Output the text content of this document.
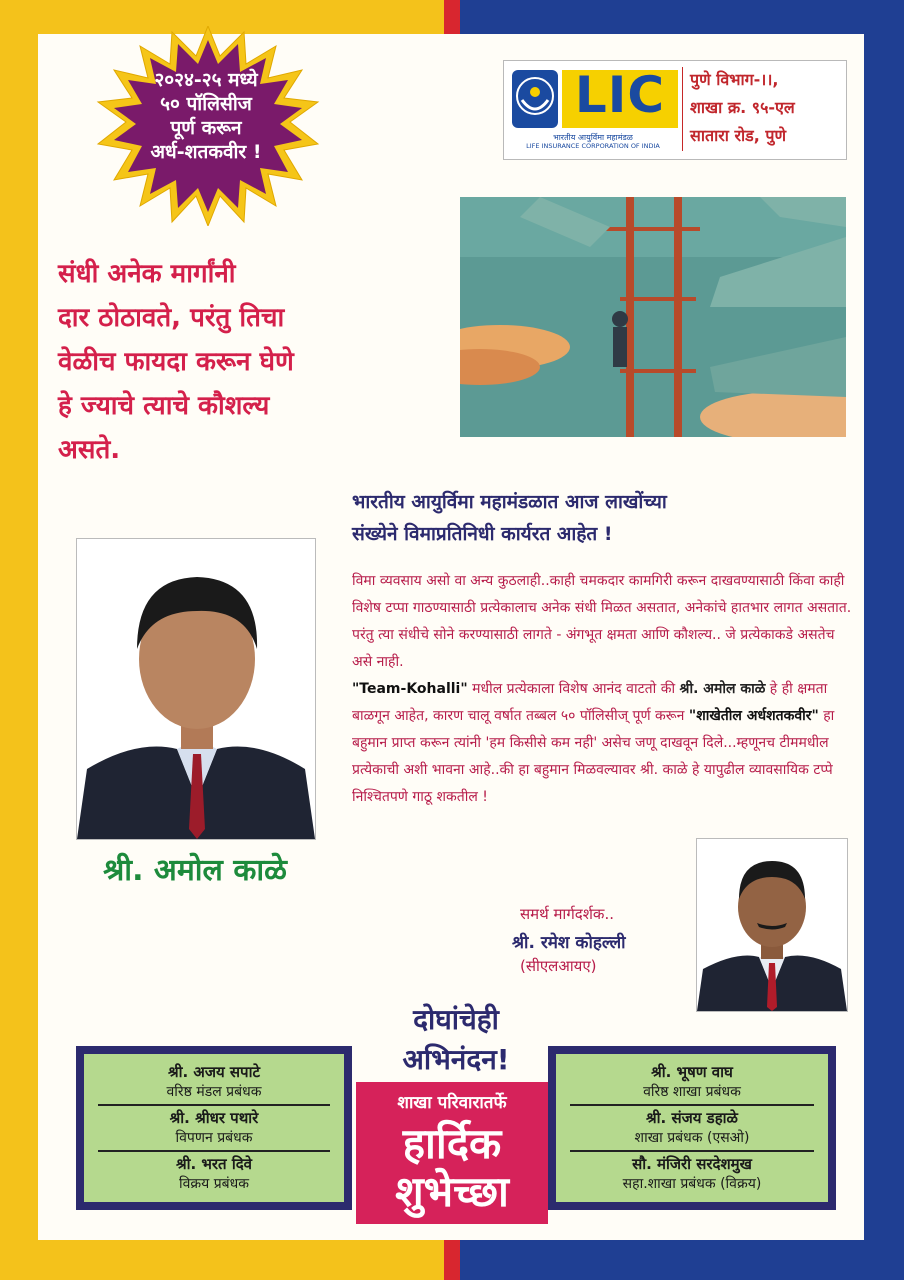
२०२४-२५ मध्ये
५० पॉलिसीज
पूर्ण करून
अर्ध-शतकवीर !
LIC
भारतीय आयुर्विमा महामंडळ
LIFE INSURANCE CORPORATION OF INDIA
पुणे विभाग-।।,
शाखा क्र. ९५-एल
सातारा रोड, पुणे
संधी अनेक मार्गांनी
दार ठोठावते, परंतु तिचा
वेळीच फायदा करून घेणे
हे ज्याचे त्याचे कौशल्य
असते.
भारतीय आयुर्विमा महामंडळात आज लाखोंच्या
संख्येने विमाप्रतिनिधी कार्यरत आहेत !
विमा व्यवसाय असो वा अन्य कुठलाही..काही चमकदार कामगिरी करून दाखवण्यासाठी किंवा काही विशेष टप्पा गाठण्यासाठी प्रत्येकालाच अनेक संधी मिळत असतात, अनेकांचे हातभार लागत असतात. परंतु त्या संधीचे सोने करण्यासाठी लागते - अंगभूत क्षमता आणि कौशल्य.. जे प्रत्येकाकडे असतेच असे नाही.
"Team-Kohalli" मधील प्रत्येकाला विशेष आनंद वाटतो की श्री. अमोल काळे हे ही क्षमता बाळगून आहेत, कारण चालू वर्षात तब्बल ५० पॉलिसीज् पूर्ण करून "शाखेतील अर्धशतकवीर" हा बहुमान प्राप्त करून त्यांनी 'हम किसीसे कम नही' असेच जणू दाखवून दिले...म्हणूनच टीममधील प्रत्येकाची अशी भावना आहे..की हा बहुमान मिळवल्यावर श्री. काळे हे यापुढील व्यावसायिक टप्पे निश्चितपणे गाठू शकतील !
श्री. अमोल काळे
समर्थ मार्गदर्शक..
श्री. रमेश कोहल्ली
(सीएलआयए)
दोघांचेही
अभिनंदन!
शाखा परिवारातर्फे
हार्दिक
शुभेच्छा
श्री. अजय सपाटे
वरिष्ठ मंडल प्रबंधक
श्री. श्रीधर पथारे
विपणन प्रबंधक
श्री. भरत दिवे
विक्रय प्रबंधक
श्री. भूषण वाघ
वरिष्ठ शाखा प्रबंधक
श्री. संजय डहाळे
शाखा प्रबंधक (एसओ)
सौ. मंजिरी सरदेशमुख
सहा.शाखा प्रबंधक (विक्रय)
